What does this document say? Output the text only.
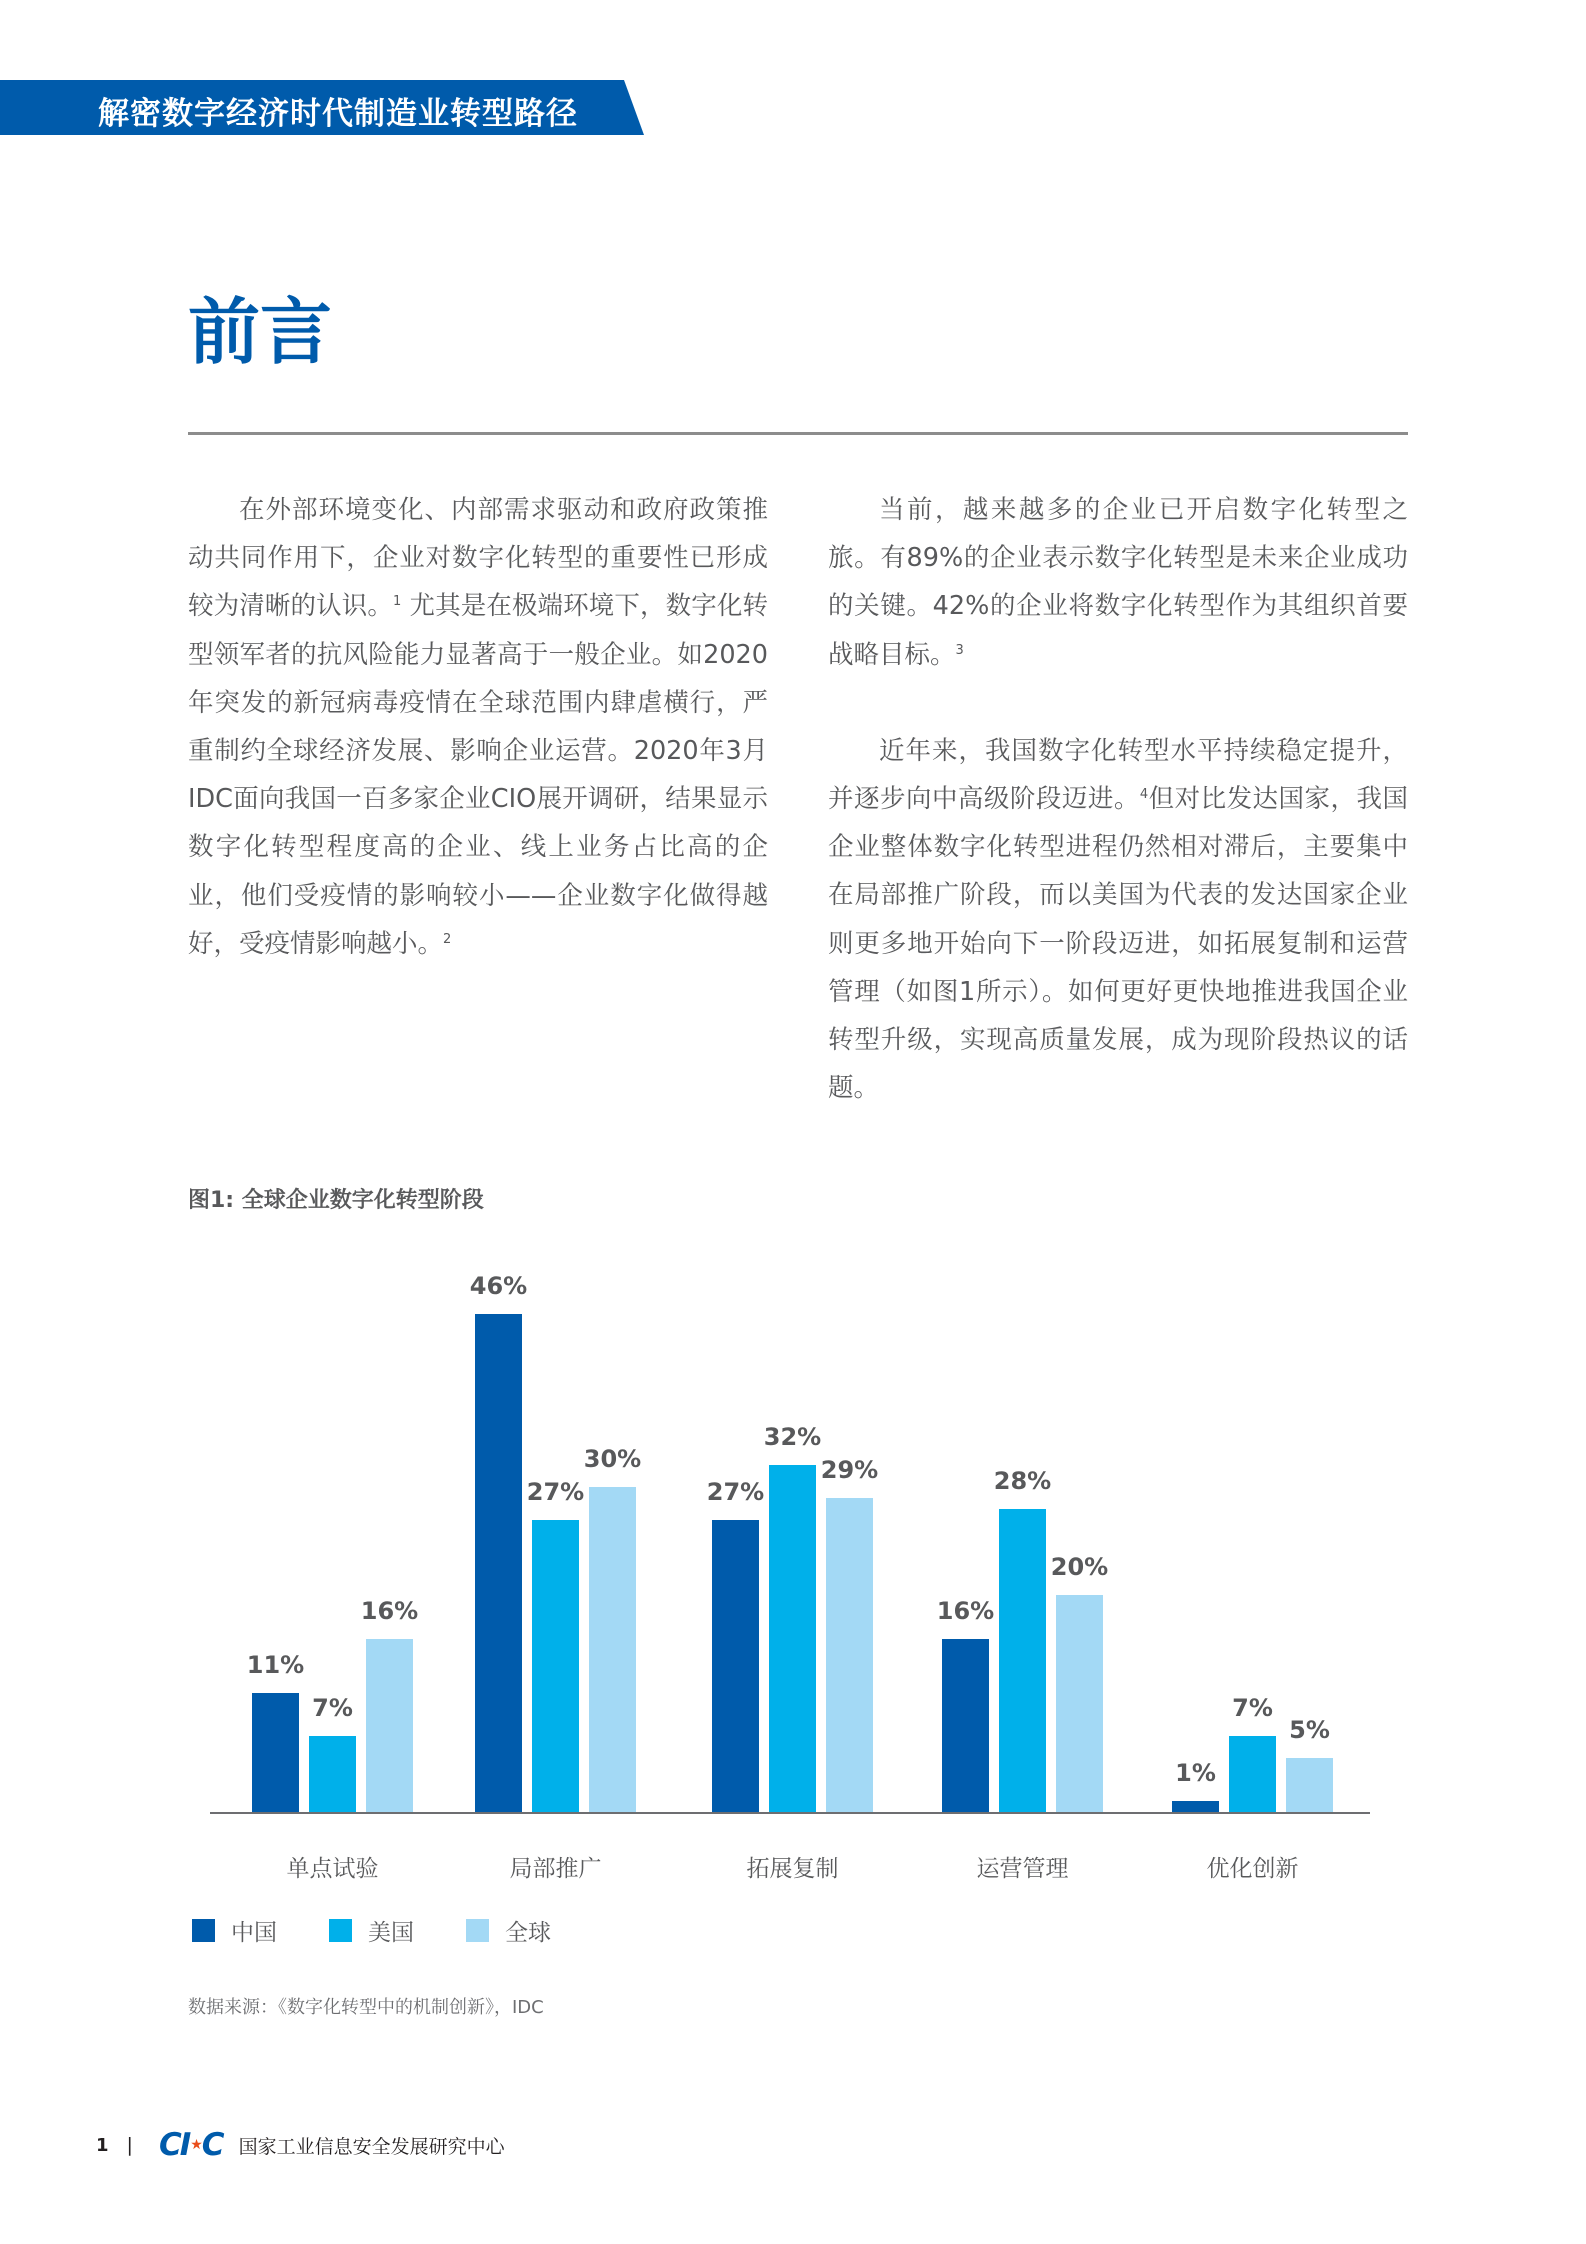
解密数字经济时代制造业转型路径
前言

在外部环境变化、内部需求驱动和政府政策推动共同作用下，企业对数字化转型的重要性已形成较为清晰的认识。$^1$ 尤其是在极端环境下，数字化转型领军者的抗风险能力显著高于一般企业。如2020年突发的新冠病毒疫情在全球范围内肆虐横行，严重制约全球经济发展、影响企业运营。2020年3月IDC面向我国一百多家企业CIO展开调研，结果显示数字化转型程度高的企业、线上业务占比高的企业，他们受疫情的影响较小——企业数字化做得越好，受疫情影响越小。$^2$

当前，越来越多的企业已开启数字化转型之旅。有89%的企业表示数字化转型是未来企业成功的关键。42%的企业将数字化转型作为其组织首要战略目标。$^3$

近年来，我国数字化转型水平持续稳定提升，并逐步向中高级阶段迈进。$^4$但对比发达国家，我国企业整体数字化转型进程仍然相对滞后，主要集中在局部推广阶段，而以美国为代表的发达国家企业则更多地开始向下一阶段迈进，如拓展复制和运营管理（如图1所示）。如何更好更快地推进我国企业转型升级，实现高质量发展，成为现阶段热议的话题。

图1: 全球企业数字化转型阶段
11%
7%
16%
单点试验
46%
27%
30%
局部推广
27%
32%
29%
拓展复制
16%
28%
20%
运营管理
1%
7%
5%
优化创新
中国	美国	全球
数据来源：《数字化转型中的机制创新》，IDC
1 | CI ★ C 国家工业信息安全发展研究中心
